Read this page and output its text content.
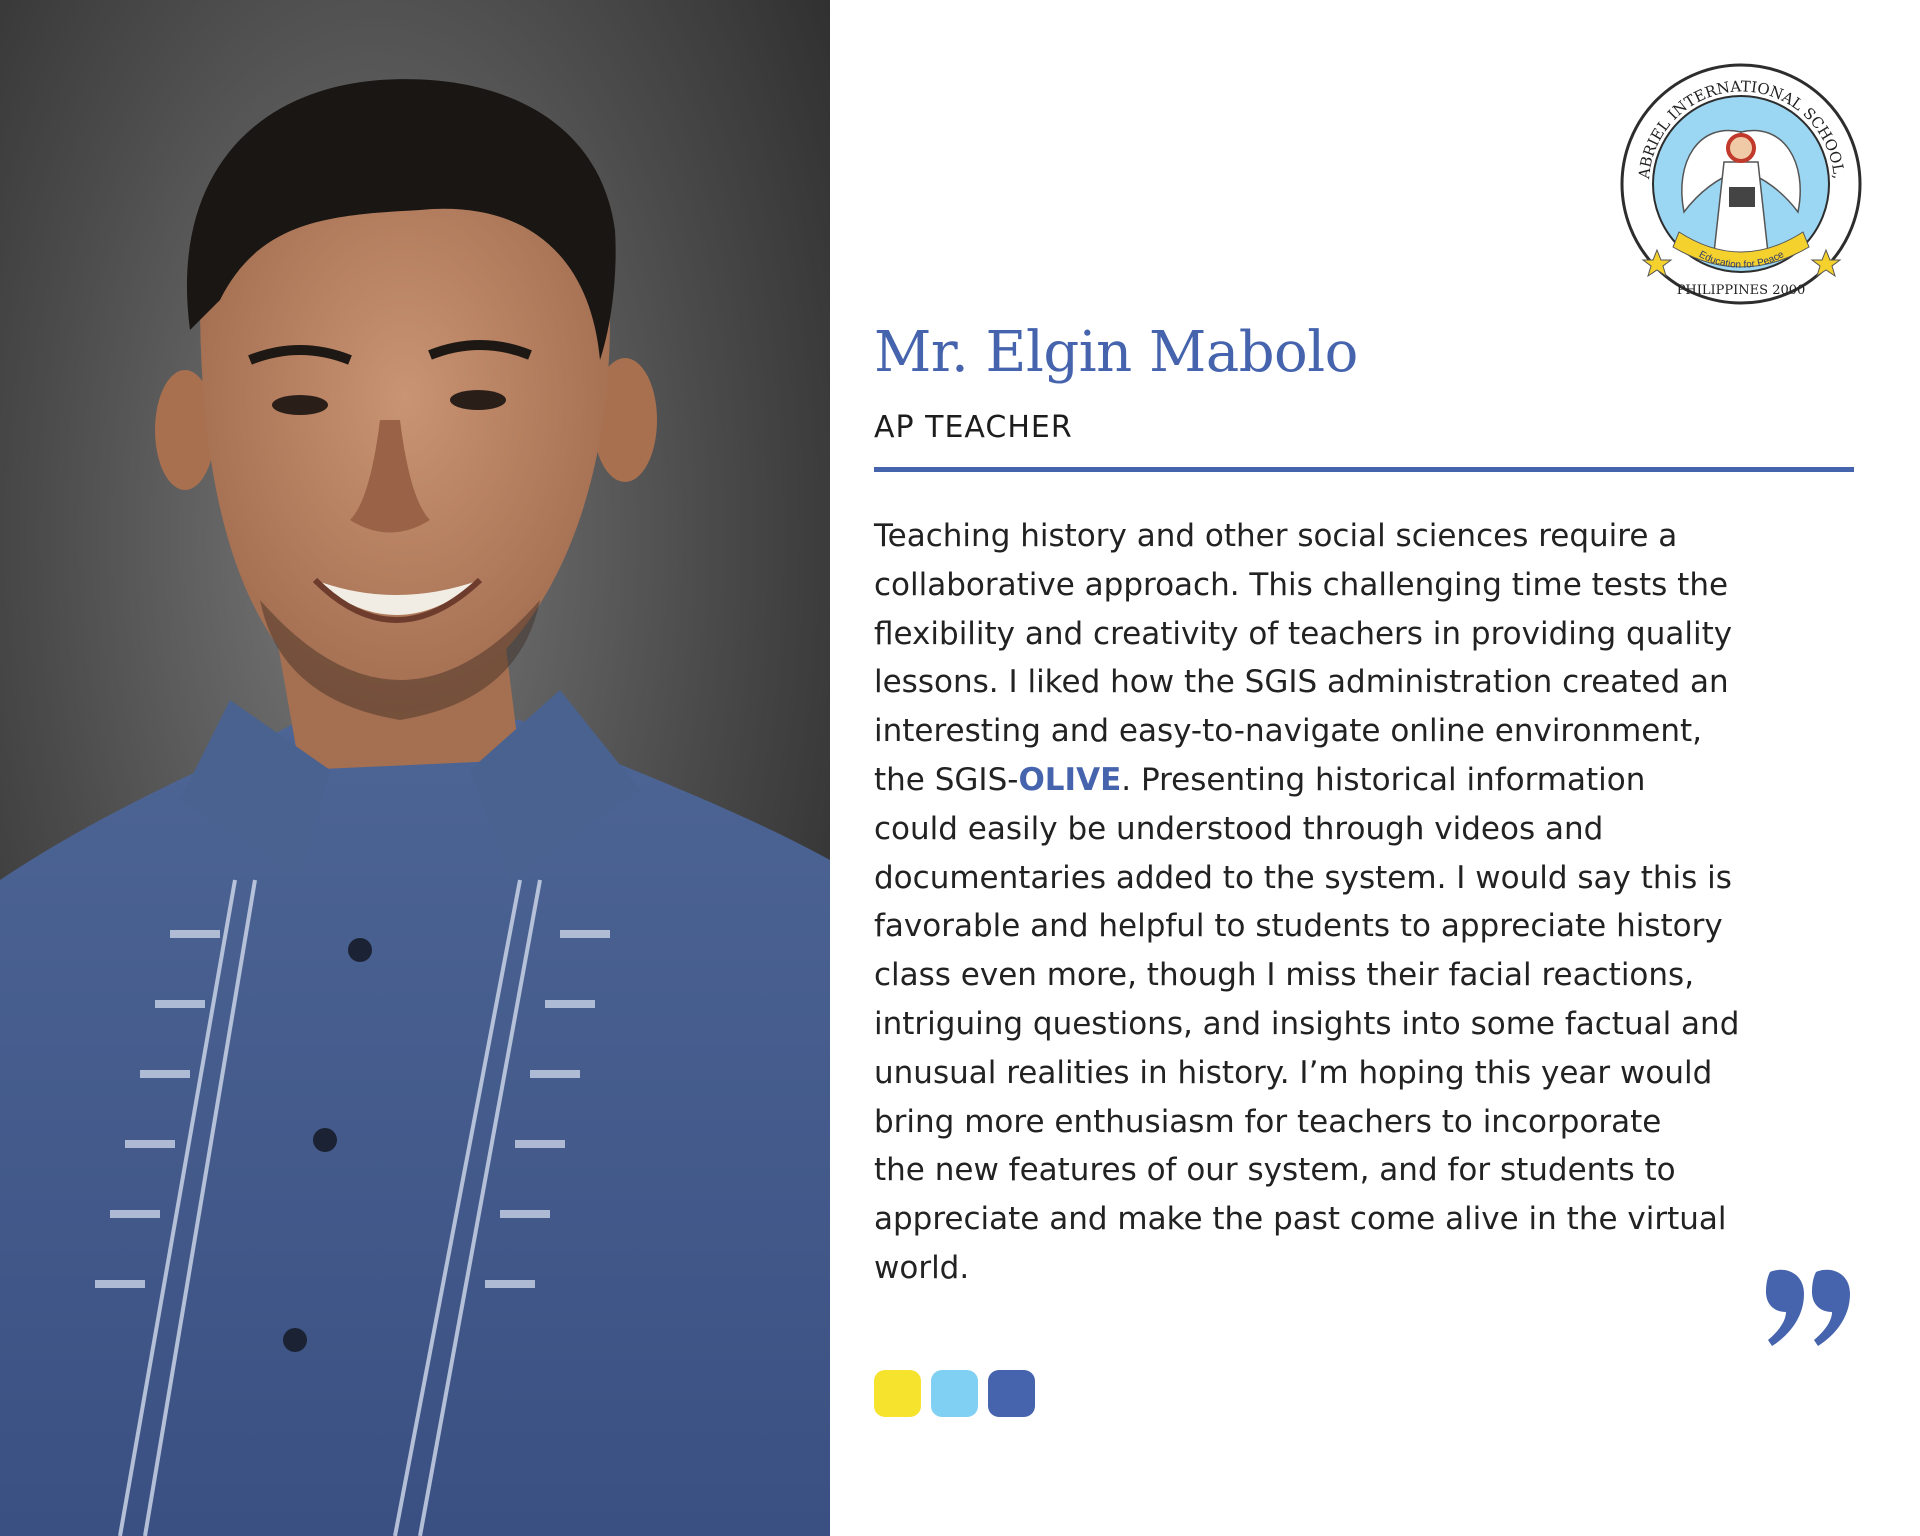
Education for Peace
ABRIEL INTERNATIONAL SCHOOL,
PHILIPPINES 2000
Mr. Elgin Mabolo
AP TEACHER
Teaching history and other social sciences require a
collaborative approach. This challenging time tests the
flexibility and creativity of teachers in providing quality
lessons. I liked how the SGIS administration created an
interesting and easy-to-navigate online environment,
the SGIS-OLIVE. Presenting historical information
could easily be understood through videos and
documentaries added to the system. I would say this is
favorable and helpful to students to appreciate history
class even more, though I miss their facial reactions,
intriguing questions, and insights into some factual and
unusual realities in history. I’m hoping this year would
bring more enthusiasm for teachers to incorporate
the new features of our system, and for students to
appreciate and make the past come alive in the virtual
world.
